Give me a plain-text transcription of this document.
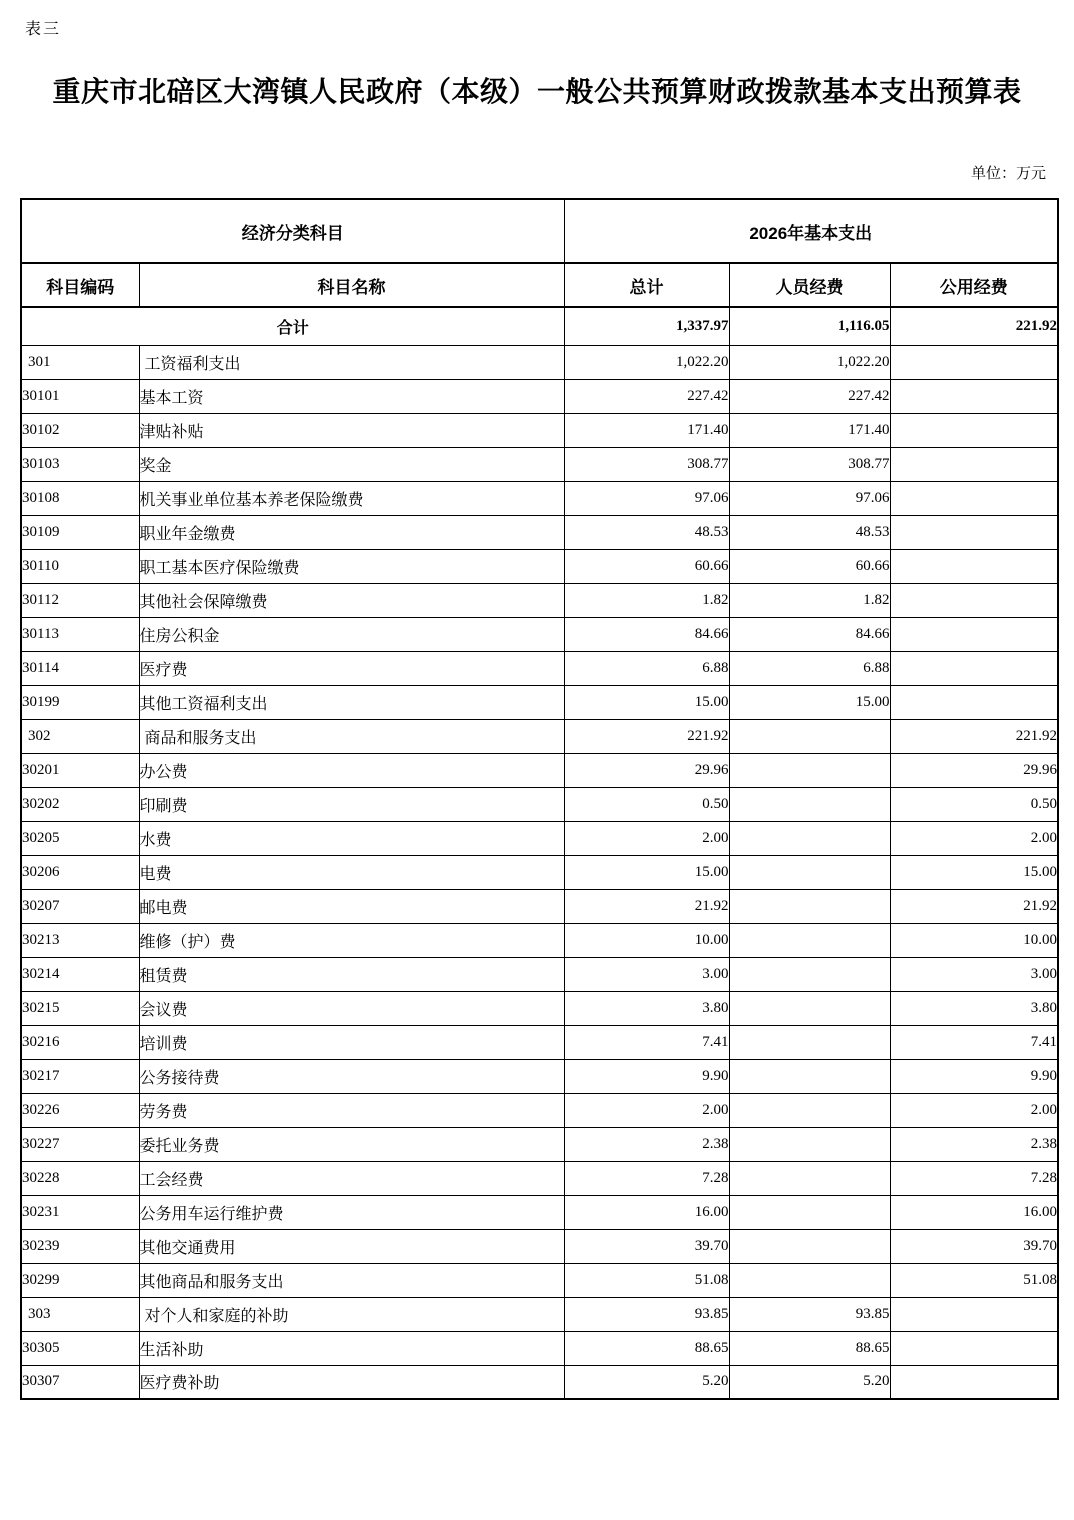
表三
重庆市北碚区大湾镇人民政府（本级）一般公共预算财政拨款基本支出预算表
单位：万元
经济分类科目		2026年基本支出		
科目编码	科目名称	总计	人员经费	公用经费
合计		1,337.97	1,116.05	221.92
301	工资福利支出	1,022.20	1,022.20	
30101	基本工资	227.42	227.42	
30102	津贴补贴	171.40	171.40	
30103	奖金	308.77	308.77	
30108	机关事业单位基本养老保险缴费	97.06	97.06	
30109	职业年金缴费	48.53	48.53	
30110	职工基本医疗保险缴费	60.66	60.66	
30112	其他社会保障缴费	1.82	1.82	
30113	住房公积金	84.66	84.66	
30114	医疗费	6.88	6.88	
30199	其他工资福利支出	15.00	15.00	
302	商品和服务支出	221.92		221.92
30201	办公费	29.96		29.96
30202	印刷费	0.50		0.50
30205	水费	2.00		2.00
30206	电费	15.00		15.00
30207	邮电费	21.92		21.92
30213	维修（护）费	10.00		10.00
30214	租赁费	3.00		3.00
30215	会议费	3.80		3.80
30216	培训费	7.41		7.41
30217	公务接待费	9.90		9.90
30226	劳务费	2.00		2.00
30227	委托业务费	2.38		2.38
30228	工会经费	7.28		7.28
30231	公务用车运行维护费	16.00		16.00
30239	其他交通费用	39.70		39.70
30299	其他商品和服务支出	51.08		51.08
303	对个人和家庭的补助	93.85	93.85	
30305	生活补助	88.65	88.65	
30307	医疗费补助	5.20	5.20	
